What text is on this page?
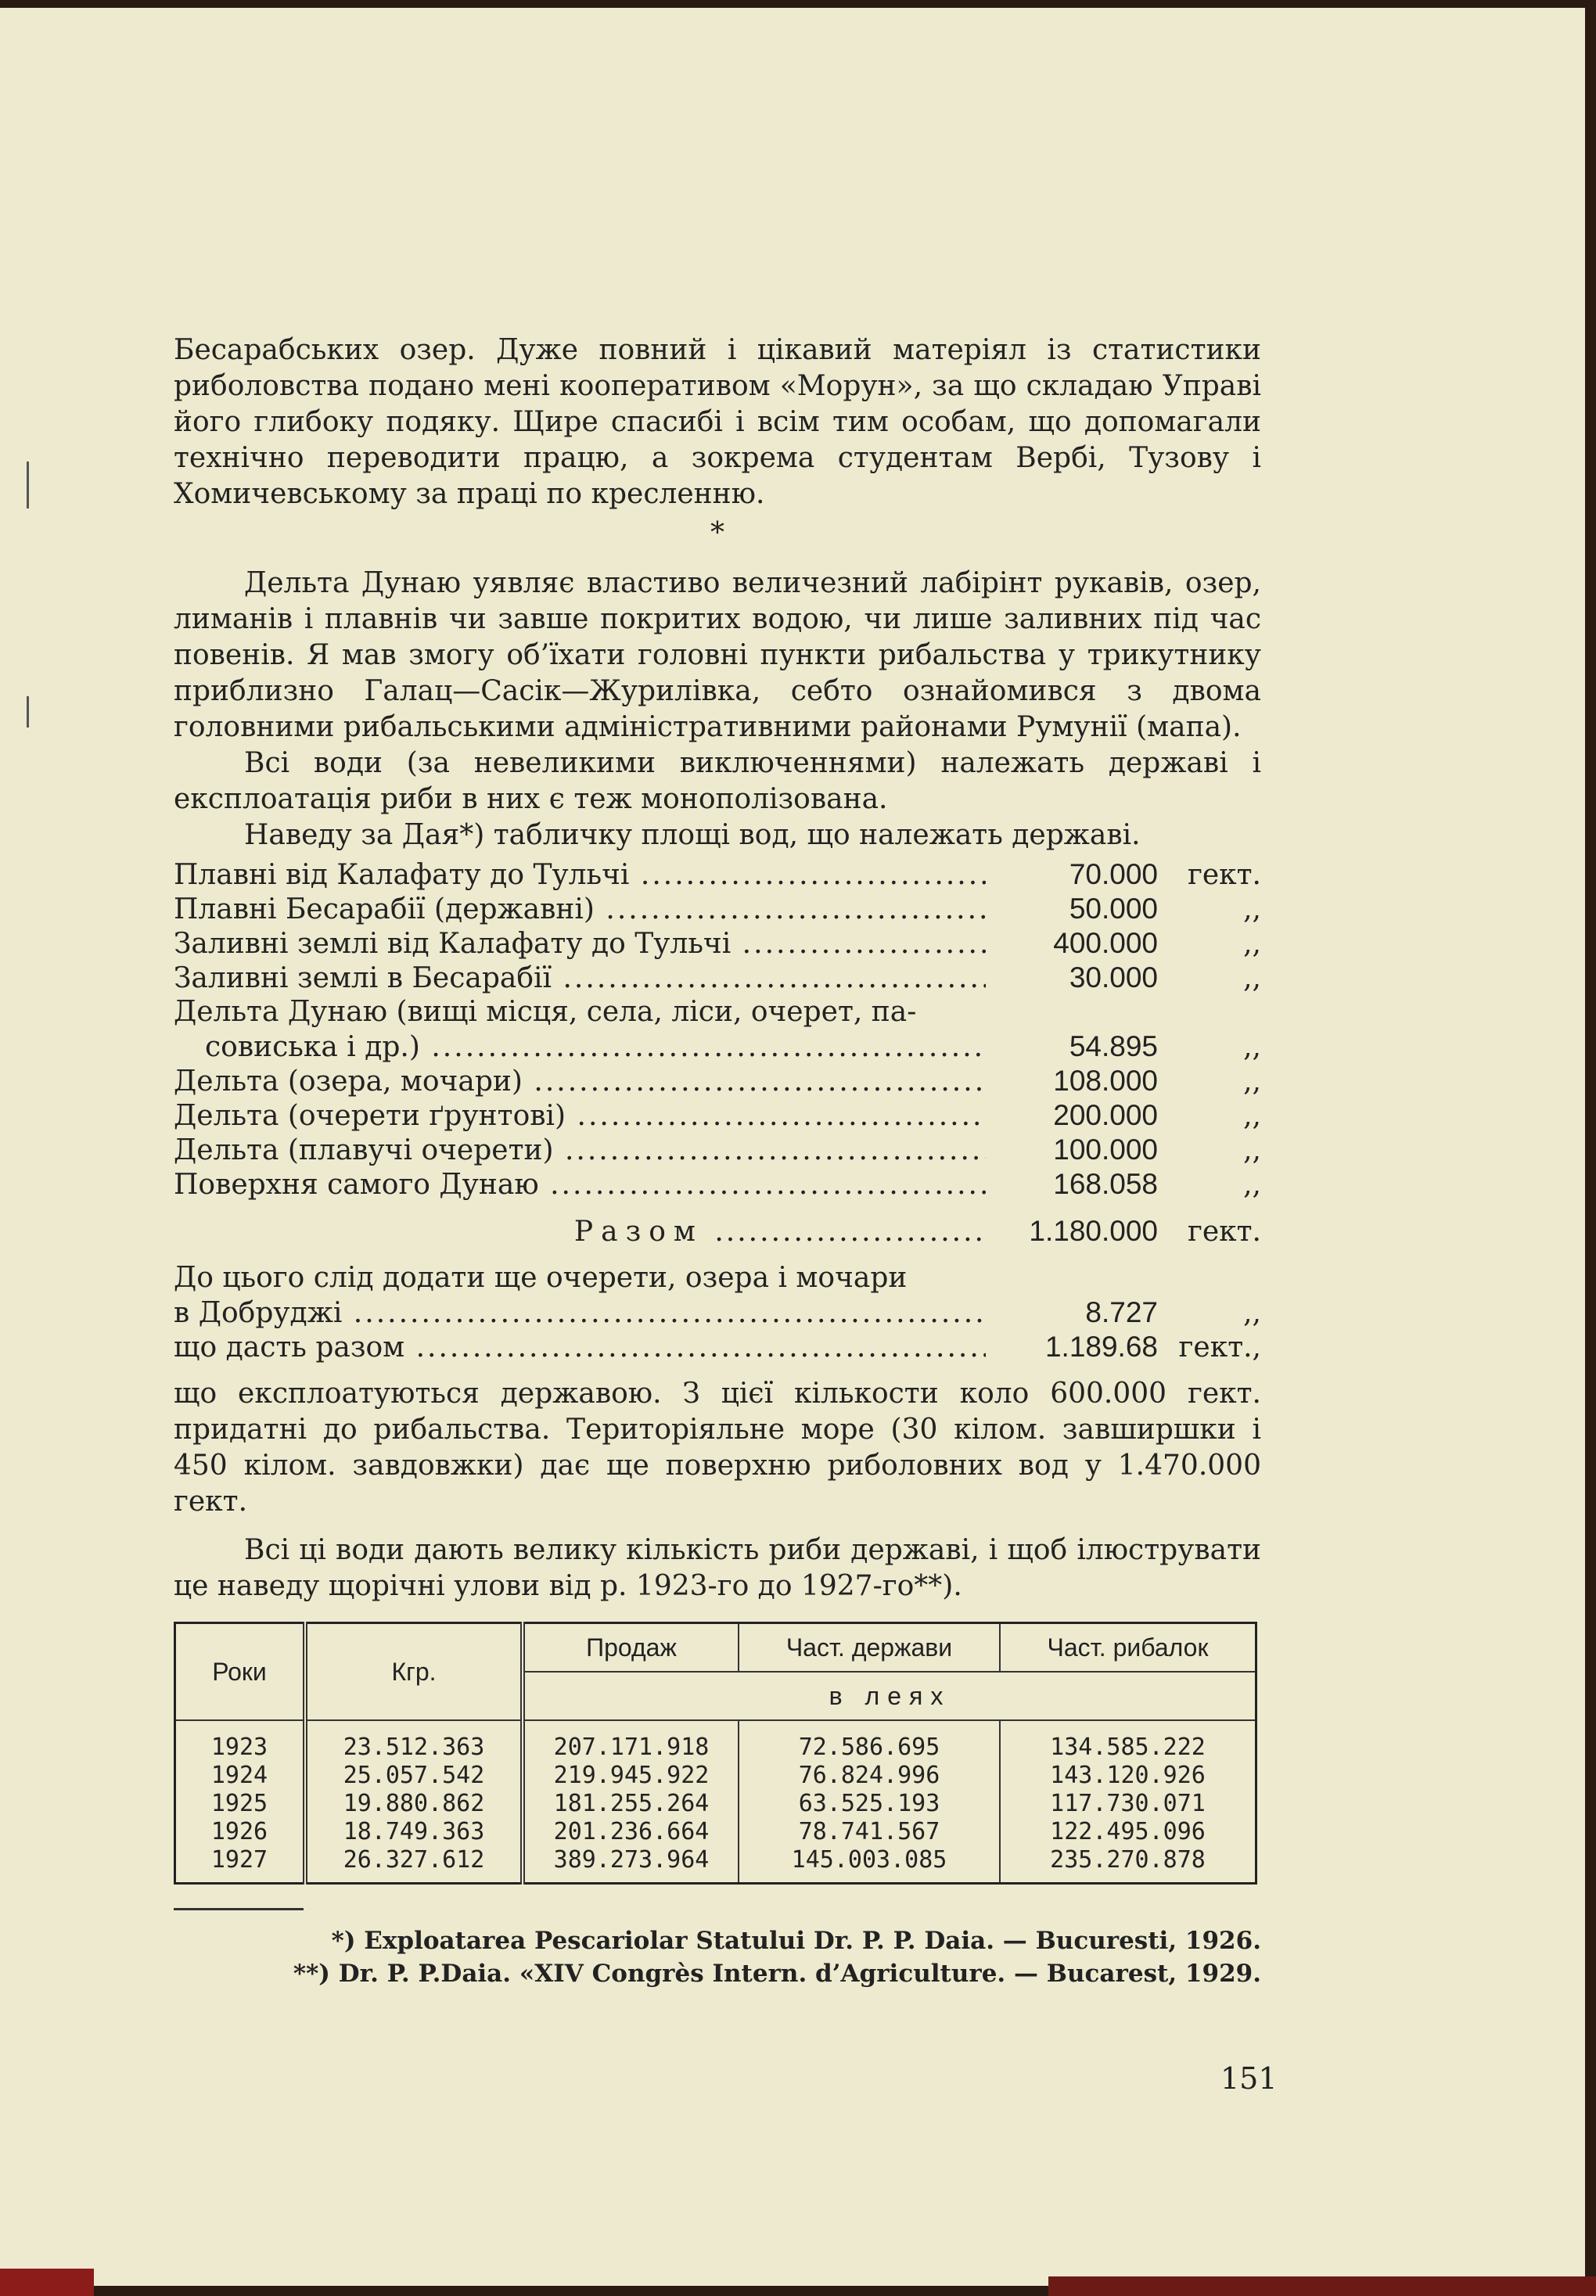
Бесарабських озер. Дуже повний і цікавий матеріял із статистики риболовства подано мені кооперативом «Морун», за що складаю Управі його глибоку подяку. Щире спасибі і всім тим особам, що допомагали технічно переводити працю, а зокрема студентам Вербі, Тузову і Хомичевському за праці по кресленню.

*

Дельта Дунаю уявляє властиво величезний лабірінт рукавів, озер, лиманів і плавнів чи завше покритих водою, чи лише заливних під час повенів. Я мав змогу об’їхати головні пункти рибальства у трикутнику приблизно Галац—Сасік—Журилівка, себто ознайомився з двома головними рибальськими адміністративними районами Румунії (мапа).

Всі води (за невеликими виключеннями) належать державі і експлоатація риби в них є теж монополізована.

Наведу за Дая*) табличку площі вод, що належать державі.

Плавні від Калафату до Тульчі .....	70.000	гект.
Плавні Бесарабії (державні) .....	50.000	,,
Заливні землі від Калафату до Тульчі .....	400.000	,,
Заливні землі в Бесарабії .....	30.000	,,
Дельта Дунаю (вищі місця, села, ліси, очерет, па-
совиська і др.) .....	54.895	,,
Дельта (озера, мочари) .....	108.000	,,
Дельта (очерети ґрунтові) .....	200.000	,,
Дельта (плавучі очерети) .....	100.000	,,
Поверхня самого Дунаю .....	168.058	,,
Разом .....	1.180.000	гект.
До цього слід додати ще очерети, озера і мочари
в Добруджі .....	8.727	,,
що дасть разом .....	1.189.68 гект.,

що експлоатуються державою. З цієї кількости коло 600.000 гект. придатні до рибальства. Територіяльне море (30 кілом. завширшки і 450 кілом. завдовжки) дає ще поверхню риболовних вод у 1.470.000 гект.

Всі ці води дають велику кількість риби державі, і щоб ілюструвати це наведу щорічні улови від р. 1923-го до 1927-го**).

Роки	Кгр.	Продаж	Част. держави	Част. рибалок
		в леях		
1923	23.512.363	207.171.918	72.586.695	134.585.222
1924	25.057.542	219.945.922	76.824.996	143.120.926
1925	19.880.862	181.255.264	63.525.193	117.730.071
1926	18.749.363	201.236.664	78.741.567	122.495.096
1927	26.327.612	389.273.964	145.003.085	235.270.878
*) Exploatarea Pescariolar Statului Dr. P. P. Daia. — Bucuresti, 1926.
**) Dr. P. P.Daia. «XIV Congrès Intern. d’Agriculture. — Bucarest, 1929.
151
